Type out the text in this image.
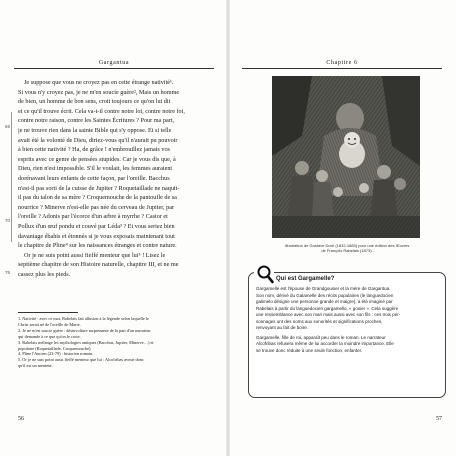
Gargantua
65
70
75
Je suppose que vous ne croyez pas en cette étrange nativité¹.
Si vous n'y croyez pas, je ne m'en soucie guère², Mais un homme
de bien, un homme de bon sens, croit toujours ce qu'on lui dit
et ce qu'il trouve écrit. Cela va-t-il contre notre loi, contre notre foi,
contre notre raison, contre les Saintes Écritures ? Pour ma part,
je ne trouve rien dans la sainte Bible qui s'y oppose. Et si telle
avait été la volonté de Dieu, diriez-vous qu'il n'aurait pu pouvoir
à bien cette nativité ? Ha, de grâce ! n'embrouillez jamais vos
esprits avec ce genre de pensées stupides. Car je vous dis que, à
Dieu, rien n'est impossible. S'il le voulait, les femmes auraient
dorénavant leurs enfants de cette façon, par l'oreille. Bacchus
n'est-il pas sorti de la cuisse de Jupiter ? Roquetaillade ne naquit-
il pas du talon de sa mère ? Croquemouche de la pantoufle de sa
nourrice ? Minerve n'est-elle pas née du cerveau de Jupiter, par
l'oreille ? Adonis par l'écorce d'un arbre à myrrhe ? Castor et
Pollux d'un œuf pondu et couvé par Léda³ ? Et vous seriez bien
davantage ébahis et étonnés si je vous exposais maintenant tout
le chapitre de Pline⁴ sur les naissances étranges et contre nature.
Or je ne suis point aussi fieffé menteur que lui⁵ ! Lisez le
septième chapitre de son Histoire naturelle, chapitre III, et ne me
cassez plus les pieds.
1. Nativité : avec ce mot, Rabelais fait allusion à la légende selon laquelle le
Christ serait né de l'oreille de Marie.
2. Je ne m'en soucie guère : désinvolture surprenante de la part d'un narrateur
qui demande à ce que qu'on le croie.
3. Rabelais mélange les mythologies antiques (Bacchus, Jupiter, Minerve…) et
populaire (Roquetaillade, Croquemouche).
4. Pline l'Ancien (23-79) : historien romain.
5. Or je ne suis point aussi fieffé menteur que lui : Alcofribas avoue donc
qu'il est un menteur.
56
Chapitre 6
Illustration de Gustave Doré (1832-1883) pour une édition des Œuvres de François Rabelais (1873).
Qui est Gargamelle?
Gargamelle est l'épouse de Grandgousier et la mère de Gargantua.
Son nom, dérivé du Galamelle des récits populaires (le languedocien
galimelo désigne une personne grande et maigre), a été imaginé par
Rabelais à partir du languedocien gargamello, « gosier ». Cela suggère
une ressemblance avec son mari mais aussi avec son fils : ces trois per-
sonnages ont des noms aux sonorités et significations proches,
renvoyant au fait de boire.
Gargamelle, fille de roi, apparaît peu dans le roman. Le narrateur
Alcofribas refusera même de lui accorder la moindre importance. Elle
se trouve donc réduite à une seule fonction, enfanter.
57
